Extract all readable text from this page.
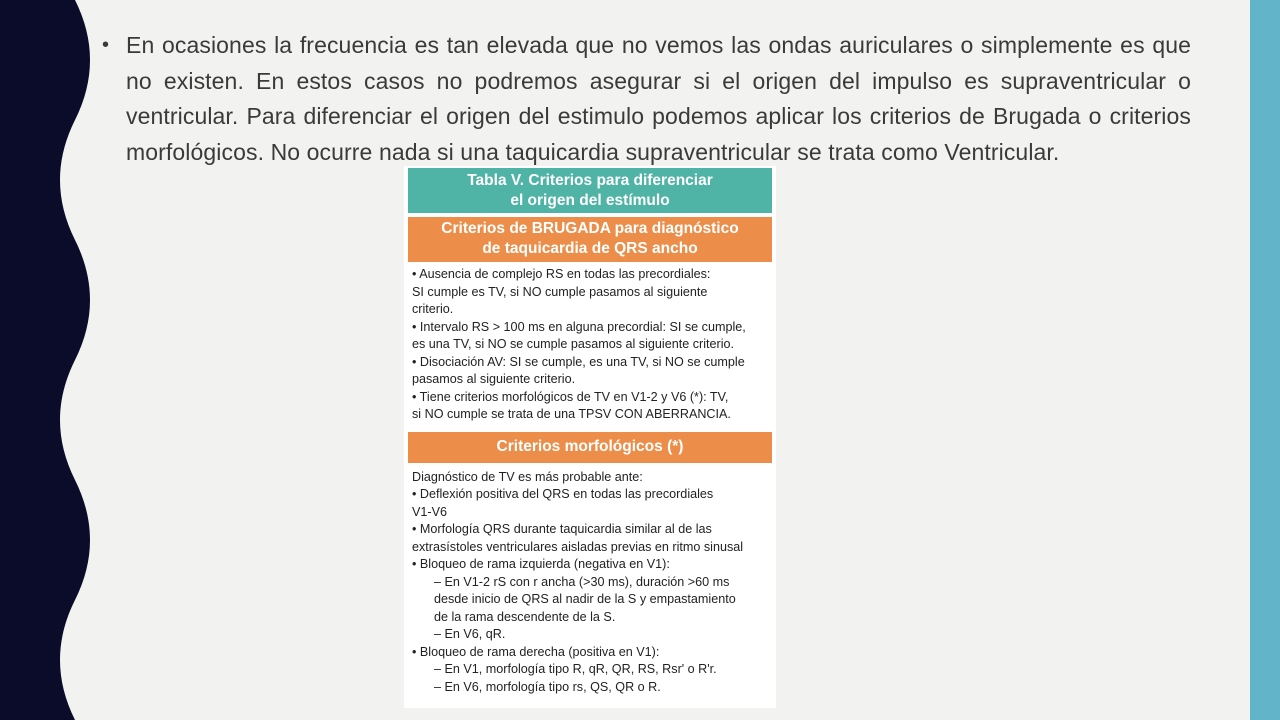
• En ocasiones la frecuencia es tan elevada que no vemos las ondas auriculares o simplemente es que no existen. En estos casos no podremos asegurar si el origen del impulso es supraventricular o ventricular. Para diferenciar el origen del estimulo podemos aplicar los criterios de Brugada o criterios morfológicos. No ocurre nada si una taquicardia supraventricular se trata como Ventricular.
Tabla V. Criterios para diferenciar
el origen del estímulo
Criterios de BRUGADA para diagnóstico
de taquicardia de QRS ancho
• Ausencia de complejo RS en todas las precordiales:
SI cumple es TV, si NO cumple pasamos al siguiente
criterio.
• Intervalo RS > 100 ms en alguna precordial: SI se cumple,
es una TV, si NO se cumple pasamos al siguiente criterio.
• Disociación AV: SI se cumple, es una TV, si NO se cumple
pasamos al siguiente criterio.
• Tiene criterios morfológicos de TV en V1-2 y V6 (*): TV,
si NO cumple se trata de una TPSV CON ABERRANCIA.
Criterios morfológicos (*)
Diagnóstico de TV es más probable ante:
• Deflexión positiva del QRS en todas las precordiales
V1-V6
• Morfología QRS durante taquicardia similar al de las
extrasístoles ventriculares aisladas previas en ritmo sinusal
• Bloqueo de rama izquierda (negativa en V1):
– En V1-2 rS con r ancha (>30 ms), duración >60 ms
desde inicio de QRS al nadir de la S y empastamiento
de la rama descendente de la S.
– En V6, qR.
• Bloqueo de rama derecha (positiva en V1):
– En V1, morfología tipo R, qR, QR, RS, Rsr' o R'r.
– En V6, morfología tipo rs, QS, QR o R.
